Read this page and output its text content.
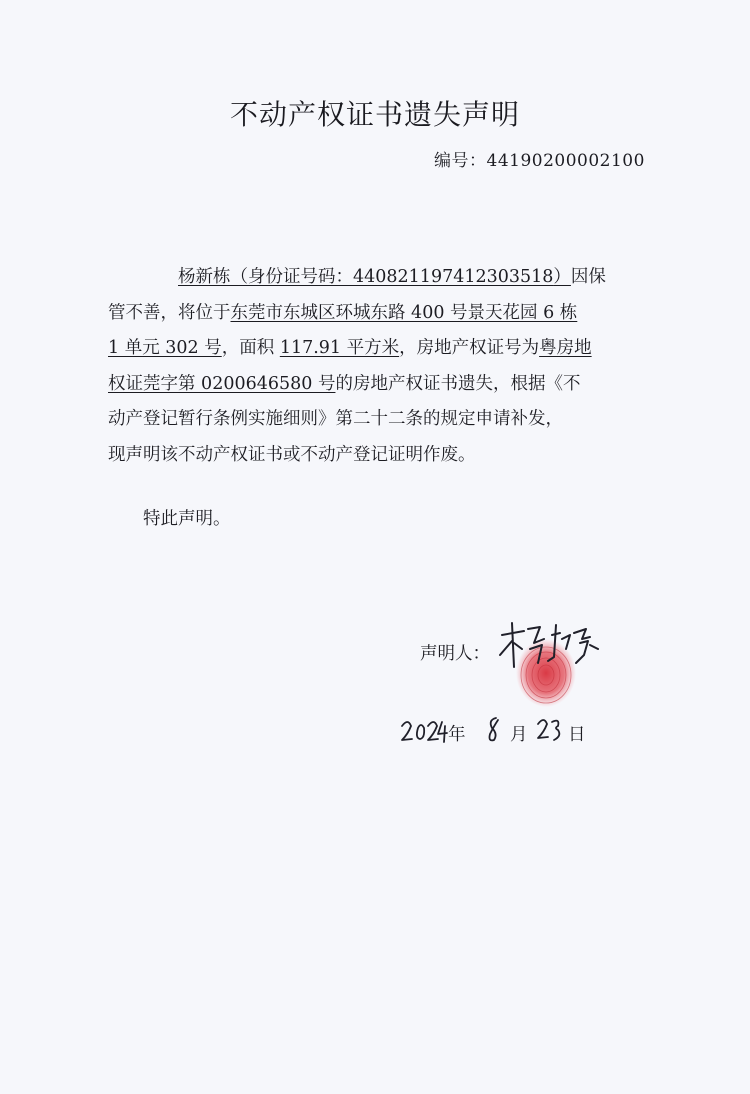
不动产权证书遗失声明
编号：44190200002100
杨新栋（身份证号码：440821197412303518）因保
管不善，将位于东莞市东城区环城东路 400 号景天花园 6 栋
1 单元 302 号，面积 117.91 平方米，房地产权证号为粤房地
权证莞字第 0200646580 号的房地产权证书遗失，根据《不
动产登记暂行条例实施细则》第二十二条的规定申请补发，
现声明该不动产权证书或不动产登记证明作废。
特此声明。
声明人：
年	月 日
